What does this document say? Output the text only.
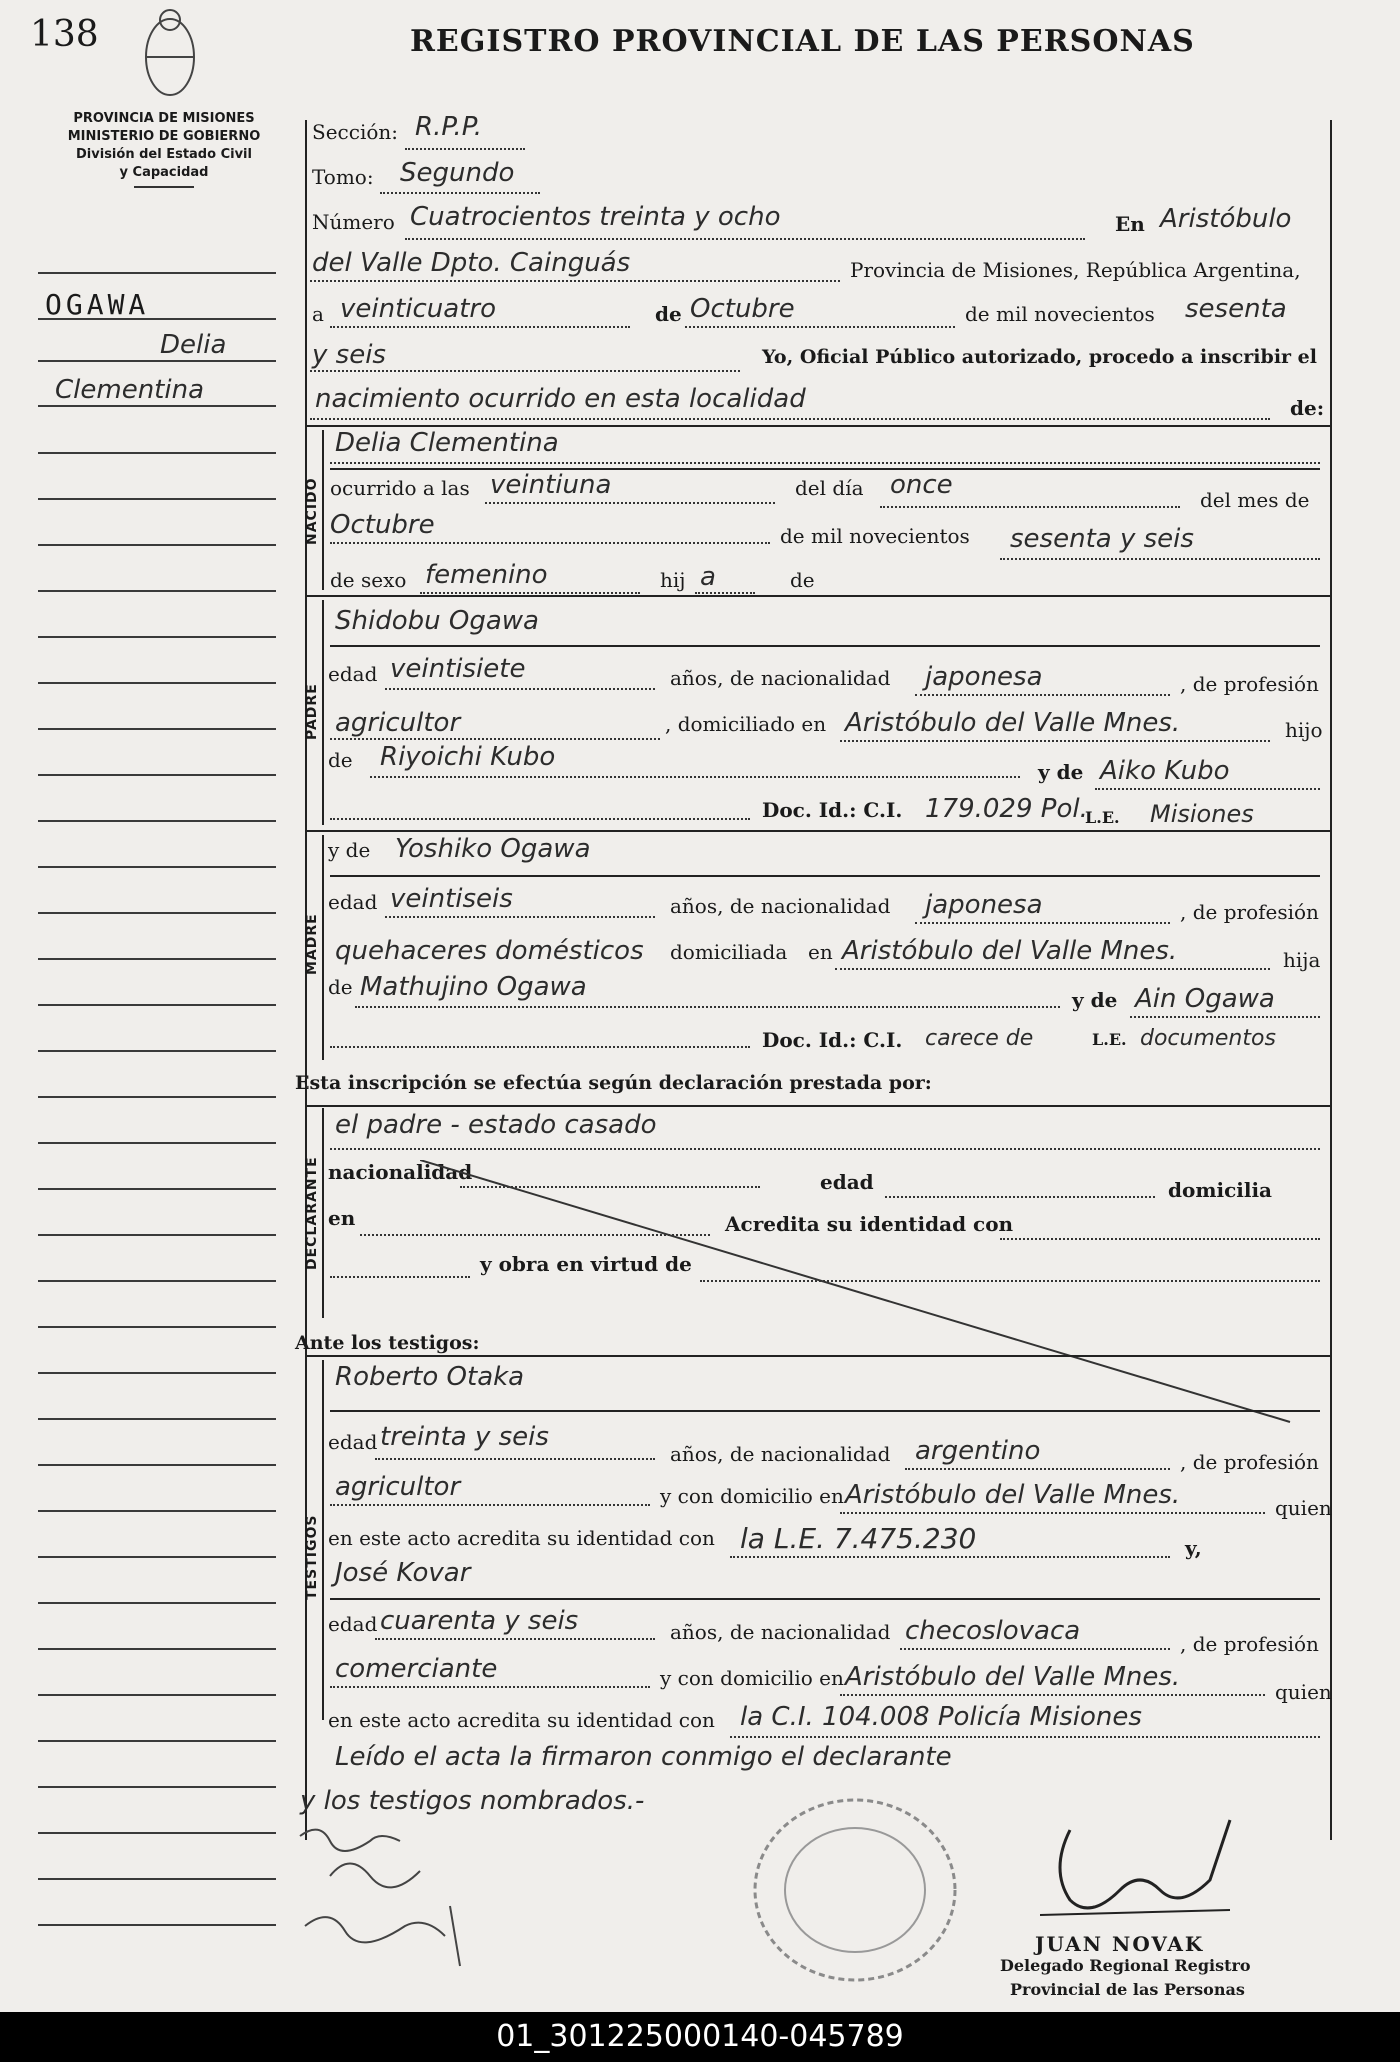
138	REGISTRO PROVINCIAL DE LAS PERSONAS
PROVINCIA DE MISIONES
MINISTERIO DE GOBIERNO
División del Estado Civil
y Capacidad
OGAWA
Delia
Clementina
Sección: R.P.P.
Tomo: Segundo
Número Cuatrocientos treinta y ocho	En Aristóbulo
del Valle Dpto. Cainguás	Provincia de Misiones, República Argentina,
a veinticuatro	de Octubre	de mil novecientos sesenta
y seis	Yo, Oficial Público autorizado, procedo a inscribir el
nacimiento ocurrido en esta localidad	de:
NACIDO
Delia Clementina
ocurrido a las veintiuna	del día once	del mes de
Octubre	de mil novecientos sesenta y seis
de sexo femenino	hij a	de
PADRE
Shidobu Ogawa
edad veintisiete	años, de nacionalidad japonesa	, de profesión
agricultor	, domiciliado en Aristóbulo del Valle Mnes.	hijo
de Riyoichi Kubo	y de Aiko Kubo
Doc. Id.: C.I. 179.029 Pol.
L.E. Misiones
MADRE
y de Yoshiko Ogawa
edad veintiseis	años, de nacionalidad japonesa	, de profesión
quehaceres domésticos domiciliada en Aristóbulo del Valle Mnes.	hija
de Mathujino Ogawa	y de Ain Ogawa
Doc. Id.: C.I. carece de	L.E. documentos
Esta inscripción se efectúa según declaración prestada por:
DECLARANTE
el padre - estado casado
nacionalidad	edad	domicilia
en	Acredita su identidad con
y obra en virtud de
Ante los testigos:
TESTIGOS
Roberto Otaka
edad treinta y seis
años, de nacionalidad argentino	, de profesión
agricultor	y con domicilio en Aristóbulo del Valle Mnes.	quien
en este acto acredita su identidad con la L.E. 7.475.230	y,
José Kovar
edad cuarenta y seis	años, de nacionalidad checoslovaca	, de profesión
comerciante	y con domicilio en Aristóbulo del Valle Mnes.	quien
en este acto acredita su identidad con la C.I. 104.008 Policía Misiones
Leído el acta la firmaron conmigo el declarante
y los testigos nombrados.-
JUAN NOVAK
Delegado Regional Registro
Provincial de las Personas
01_301225000140-045789
